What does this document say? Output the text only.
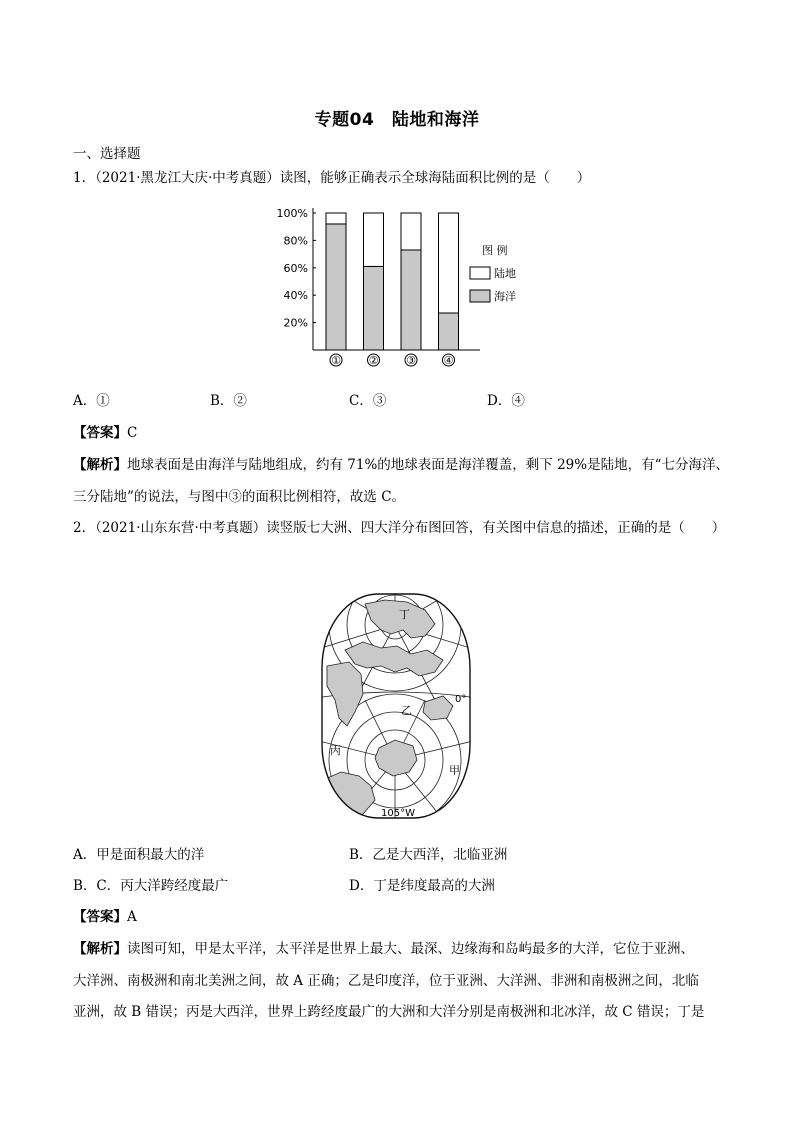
专题04　陆地和海洋
一、选择题
1．（2021·黑龙江大庆·中考真题）读图，能够正确表示全球海陆面积比例的是（　　）
20%
40%
60%
80%
100%
①	②	③	④
图 例
陆地
海洋
A．①	B．②	C．③	D．④
【答案】C
【解析】地球表面是由海洋与陆地组成，约有 71%的地球表面是海洋覆盖，剩下 29%是陆地，有“七分海洋、
三分陆地”的说法，与图中③的面积比例相符，故选 C。
2．（2021·山东东营·中考真题）读竖版七大洲、四大洋分布图回答，有关图中信息的描述，正确的是（　　）
丁
乙
0°
丙
甲
105°W
A．甲是面积最大的洋	B．乙是大西洋，北临亚洲
B．C．丙大洋跨经度最广	D．丁是纬度最高的大洲
【答案】A
【解析】读图可知，甲是太平洋，太平洋是世界上最大、最深、边缘海和岛屿最多的大洋，它位于亚洲、
大洋洲、南极洲和南北美洲之间，故 A 正确；乙是印度洋，位于亚洲、大洋洲、非洲和南极洲之间，北临
亚洲，故 B 错误；丙是大西洋，世界上跨经度最广的大洲和大洋分别是南极洲和北冰洋，故 C 错误；丁是
